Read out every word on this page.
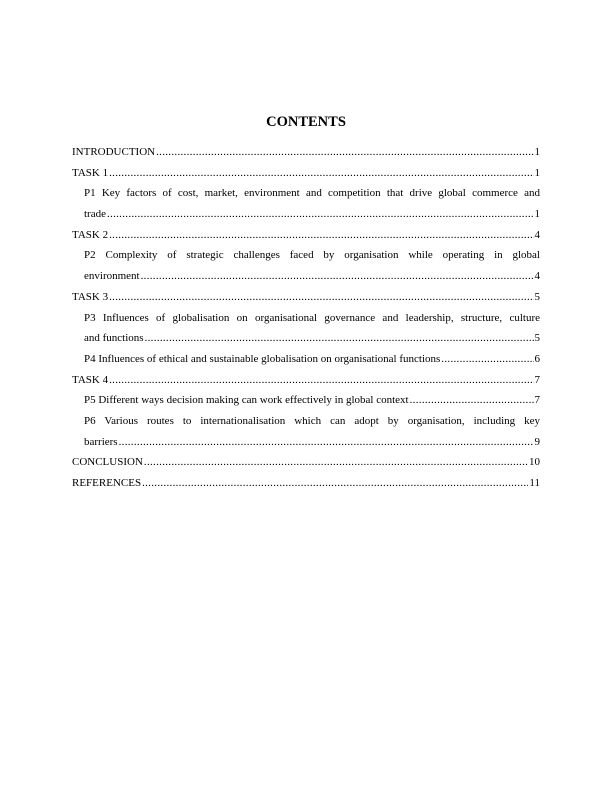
CONTENTS
INTRODUCTION .....	1
TASK 1 .....	1
P1 Key factors of cost, market, environment and competition that drive global commerce and
trade .....	1
TASK 2 .....	4
P2 Complexity of strategic challenges faced by organisation while operating in global
environment .....	4
TASK 3 .....	5
P3 Influences of globalisation on organisational governance and leadership, structure, culture
and functions .....	5
P4 Influences of ethical and sustainable globalisation on organisational functions .....	6
TASK 4 .....	7
P5 Different ways decision making can work effectively in global context .....	7
P6 Various routes to internationalisation which can adopt by organisation, including key
barriers .....	9
CONCLUSION .....	10
REFERENCES .....	11
